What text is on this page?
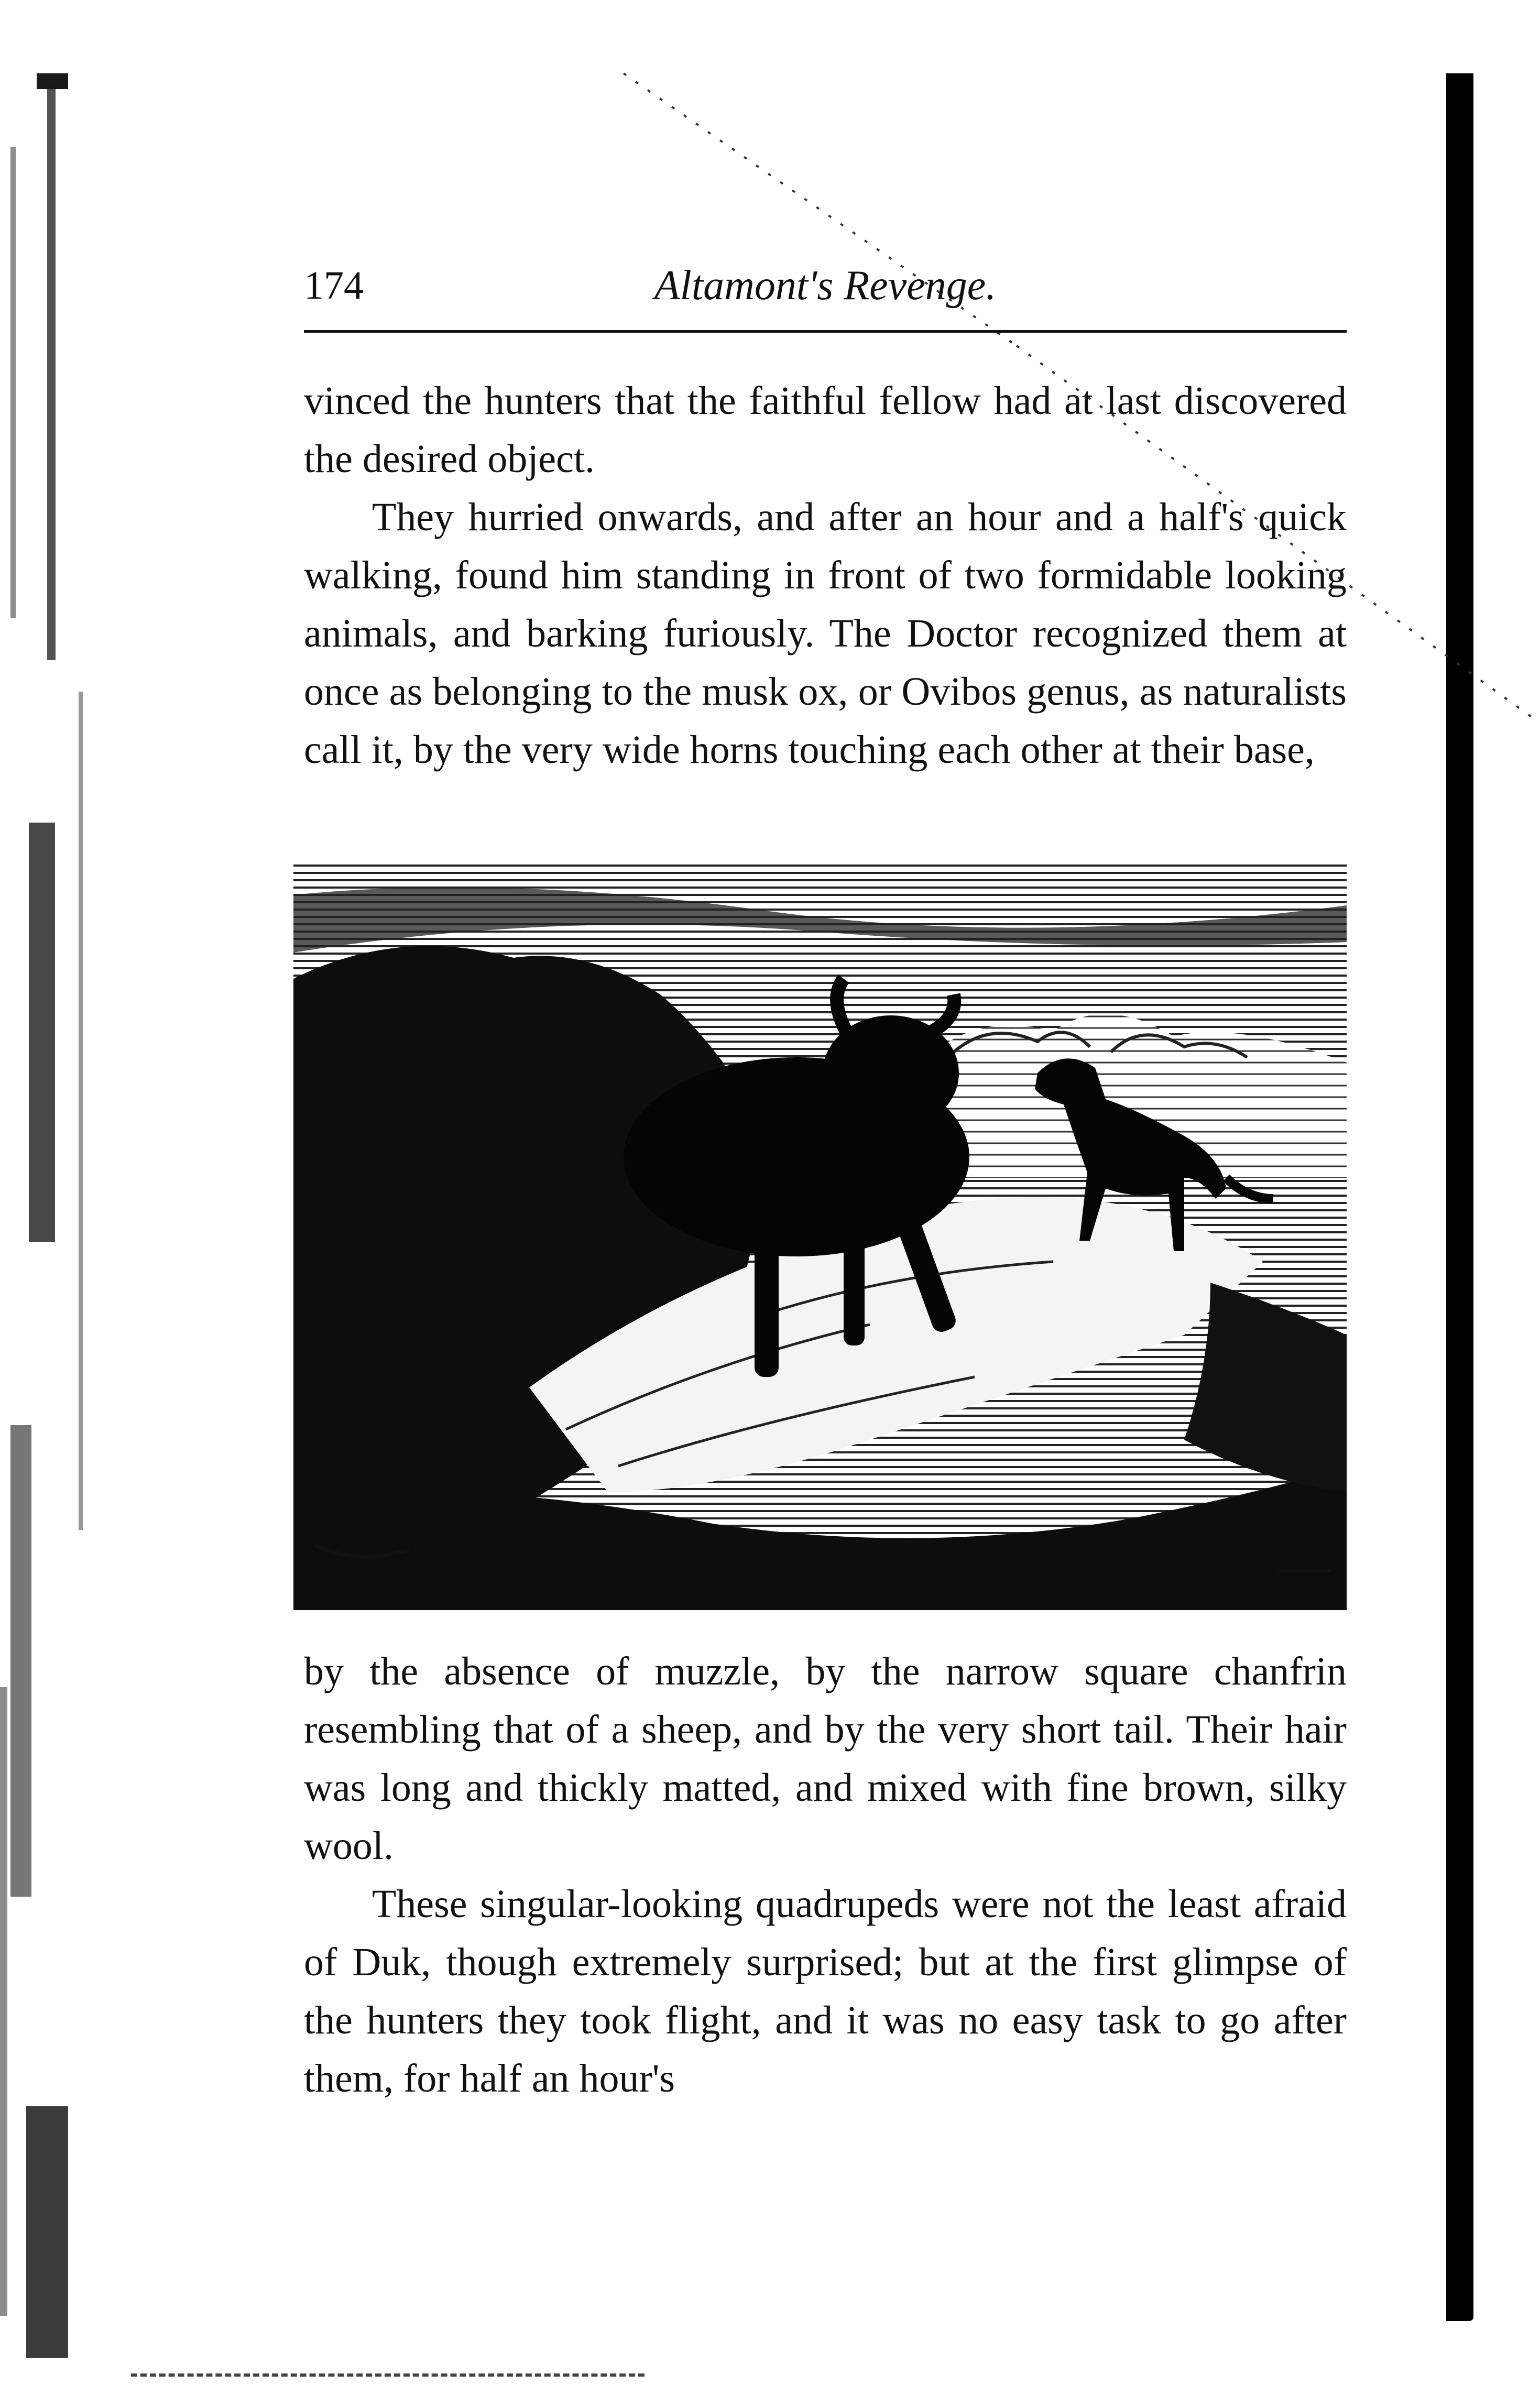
174	Altamont's Revenge.

vinced the hunters that the faithful fellow had at last discovered the desired object.

They hurried onwards, and after an hour and a half's quick walking, found him standing in front of two formidable looking animals, and barking furiously. The Doctor recognized them at once as belonging to the musk ox, or Ovibos genus, as naturalists call it, by the very wide horns touching each other at their base,

by the absence of muzzle, by the narrow square chanfrin resembling that of a sheep, and by the very short tail. Their hair was long and thickly matted, and mixed with fine brown, silky wool.

These singular-looking quadrupeds were not the least afraid of Duk, though extremely surprised; but at the first glimpse of the hunters they took flight, and it was no easy task to go after them, for half an hour's
